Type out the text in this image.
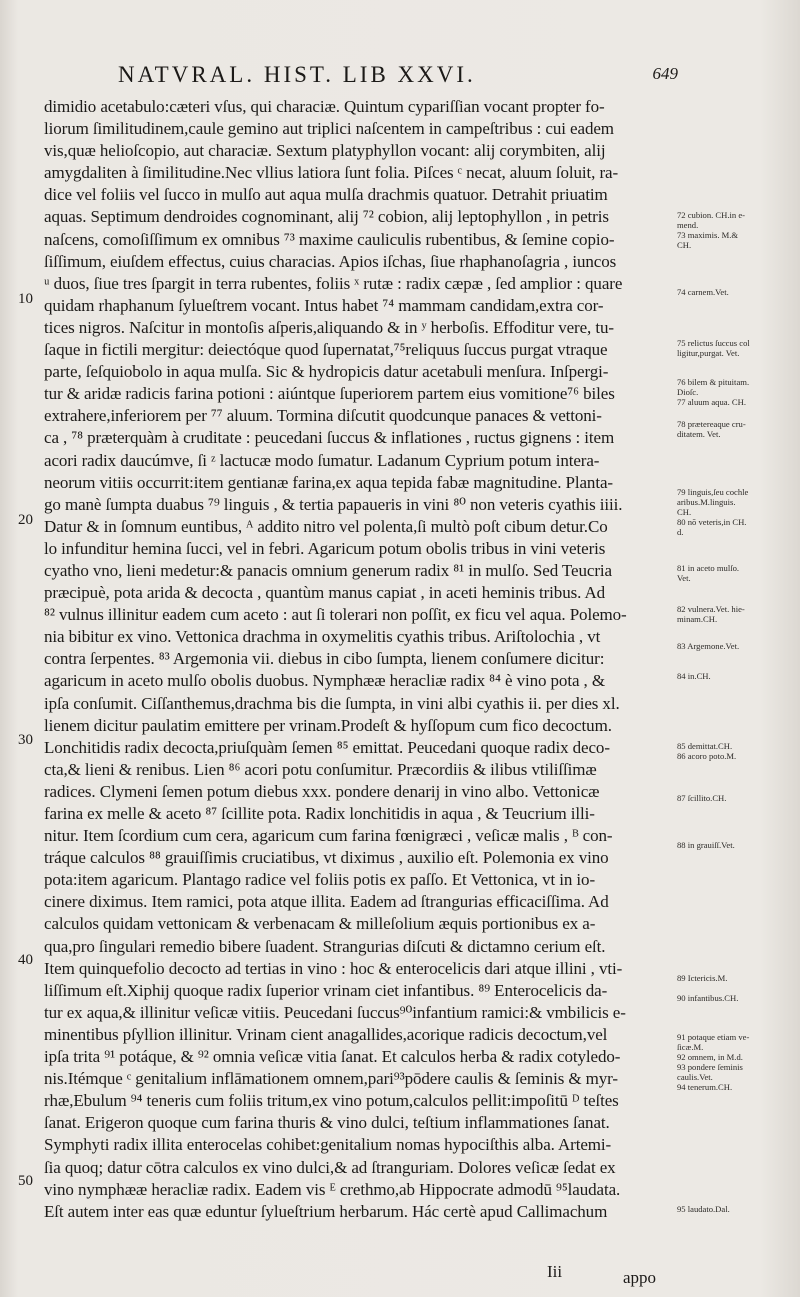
NATVRAL. HIST. LIB XXVI.	649
10
20
30
40
50
dimidio acetabulo:cæteri vſus, qui characiæ. Quintum cypariſſian vocant propter fo-
liorum ſimilitudinem,caule gemino aut triplici naſcentem in campeſtribus : cui eadem
vis,quæ helioſcopio, aut characiæ. Sextum platyphyllon vocant: alij corymbiten, alij
amygdaliten à ſimilitudine.Nec vllius latiora ſunt folia. Piſces ᶜ necat, aluum ſoluit, ra-
dice vel foliis vel ſucco in mulſo aut aqua mulſa drachmis quatuor. Detrahit priuatim
aquas. Septimum dendroides cognominant, alij ⁷² cobion, alij leptophyllon , in petris
naſcens, comoſiſſimum ex omnibus ⁷³ maxime cauliculis rubentibus, & ſemine copio-
ſiſſimum, eiuſdem effectus, cuius characias. Apios iſchas, ſiue rhaphanoſagria , iuncos
ᵘ duos, ſiue tres ſpargit in terra rubentes, foliis ˣ rutæ : radix cæpæ , ſed amplior : quare
quidam rhaphanum ſylueſtrem vocant. Intus habet ⁷⁴ mammam candidam,extra cor-
tices nigros. Naſcitur in montoſis aſperis,aliquando & in ʸ herboſis. Effoditur vere, tu-
ſaque in fictili mergitur: deiectóque quod ſupernatat,⁷⁵reliquus ſuccus purgat vtraque
parte, ſeſquiobolo in aqua mulſa. Sic & hydropicis datur acetabuli menſura. Inſpergi-
tur & aridæ radicis farina potioni : aiúntque ſuperiorem partem eius vomitione⁷⁶ biles
extrahere,inferiorem per ⁷⁷ aluum. Tormina diſcutit quodcunque panaces & vettoni-
ca , ⁷⁸ præterquàm à cruditate : peucedani ſuccus & inflationes , ructus gignens : item
acori radix daucúmve, ſi ᶻ lactucæ modo ſumatur. Ladanum Cyprium potum intera-
neorum vitiis occurrit:item gentianæ farina,ex aqua tepida fabæ magnitudine. Planta-
go manè ſumpta duabus ⁷⁹ linguis , & tertia papaueris in vini ⁸⁰ non veteris cyathis iiii.
Datur & in ſomnum euntibus, ᴬ addito nitro vel polenta,ſi multò poſt cibum detur.Co
lo infunditur hemina ſucci, vel in febri. Agaricum potum obolis tribus in vini veteris
cyatho vno, lieni medetur:& panacis omnium generum radix ⁸¹ in mulſo. Sed Teucria
præcipuè, pota arida & decocta , quantùm manus capiat , in aceti heminis tribus. Ad
⁸² vulnus illinitur eadem cum aceto : aut ſi tolerari non poſſit, ex ficu vel aqua. Polemo-
nia bibitur ex vino. Vettonica drachma in oxymelitis cyathis tribus. Ariſtolochia , vt
contra ſerpentes. ⁸³ Argemonia vii. diebus in cibo ſumpta, lienem conſumere dicitur:
agaricum in aceto mulſo obolis duobus. Nymphææ heracliæ radix ⁸⁴ è vino pota , &
ipſa conſumit. Ciſſanthemus,drachma bis die ſumpta, in vini albi cyathis ii. per dies xl.
lienem dicitur paulatim emittere per vrinam.Prodeſt & hyſſopum cum fico decoctum.
Lonchitidis radix decocta,priuſquàm ſemen ⁸⁵ emittat. Peucedani quoque radix deco-
cta,& lieni & renibus. Lien ⁸⁶ acori potu conſumitur. Præcordiis & ilibus vtiliſſimæ
radices. Clymeni ſemen potum diebus xxx. pondere denarij in vino albo. Vettonicæ
farina ex melle & aceto ⁸⁷ ſcillite pota. Radix lonchitidis in aqua , & Teucrium illi-
nitur. Item ſcordium cum cera, agaricum cum farina fœnigræci , veſicæ malis , ᴮ con-
tráque calculos ⁸⁸ grauiſſimis cruciatibus, vt diximus , auxilio eſt. Polemonia ex vino
pota:item agaricum. Plantago radice vel foliis potis ex paſſo. Et Vettonica, vt in io-
cinere diximus. Item ramici, pota atque illita. Eadem ad ſtrangurias efficaciſſima. Ad
calculos quidam vettonicam & verbenacam & milleſolium æquis portionibus ex a-
qua,pro ſingulari remedio bibere ſuadent. Strangurias diſcuti & dictamno cerium eſt.
Item quinquefolio decocto ad tertias in vino : hoc & enterocelicis dari atque illini , vti-
liſſimum eſt.Xiphij quoque radix ſuperior vrinam ciet infantibus. ⁸⁹ Enterocelicis da-
tur ex aqua,& illinitur veſicæ vitiis. Peucedani ſuccus⁹⁰infantium ramici:& vmbilicis e-
minentibus pſyllion illinitur. Vrinam cient anagallides,acorique radicis decoctum,vel
ipſa trita ⁹¹ potáque, & ⁹² omnia veſicæ vitia ſanat. Et calculos herba & radix cotyledo-
nis.Itémque ᶜ genitalium inflāmationem omnem,pari⁹³pōdere caulis & ſeminis & myr-
rhæ,Ebulum ⁹⁴ teneris cum foliis tritum,ex vino potum,calculos pellit:impoſitū ᴰ teſtes
ſanat. Erigeron quoque cum farina thuris & vino dulci, teſtium inflammationes ſanat.
Symphyti radix illita enterocelas cohibet:genitalium nomas hypociſthis alba. Artemi-
ſia quoq; datur cōtra calculos ex vino dulci,& ad ſtranguriam. Dolores veſicæ ſedat ex
vino nymphææ heracliæ radix. Eadem vis ᴱ crethmo,ab Hippocrate admodū ⁹⁵laudata.
Eſt autem inter eas quæ eduntur ſylueſtrium herbarum. Hác certè apud Callimachum
72 cubion. CH.in e-
mend.
73 maximis. M.&
CH.
74 carnem.Vet.
75 relictus ſuccus col
ligitur,purgat. Vet.
76 bilem & pituitam.
Dioſc.
77 aluum aqua. CH.
78 prætereaque cru-
ditatem. Vet.
79 linguis,ſeu cochle
aribus.M.linguis.
CH.
80 nō veteris,in CH.
d.
81 in aceto mulſo.
Vet.
82 vulnera.Vet. hie-
minam.CH.
83 Argemone.Vet.
84 in.CH.
85 demittat.CH.
86 acoro poto.M.
87 ſcillito.CH.
88 in grauiſſ.Vet.
89 Ictericis.M.
90 infantibus.CH.
91 potaque etiam ve-
ſicæ.M.
92 omnem, in M.d.
93 pondere ſeminis
caulis.Vet.
94 tenerum.CH.
95 laudato.Dal.
Iii	appo
